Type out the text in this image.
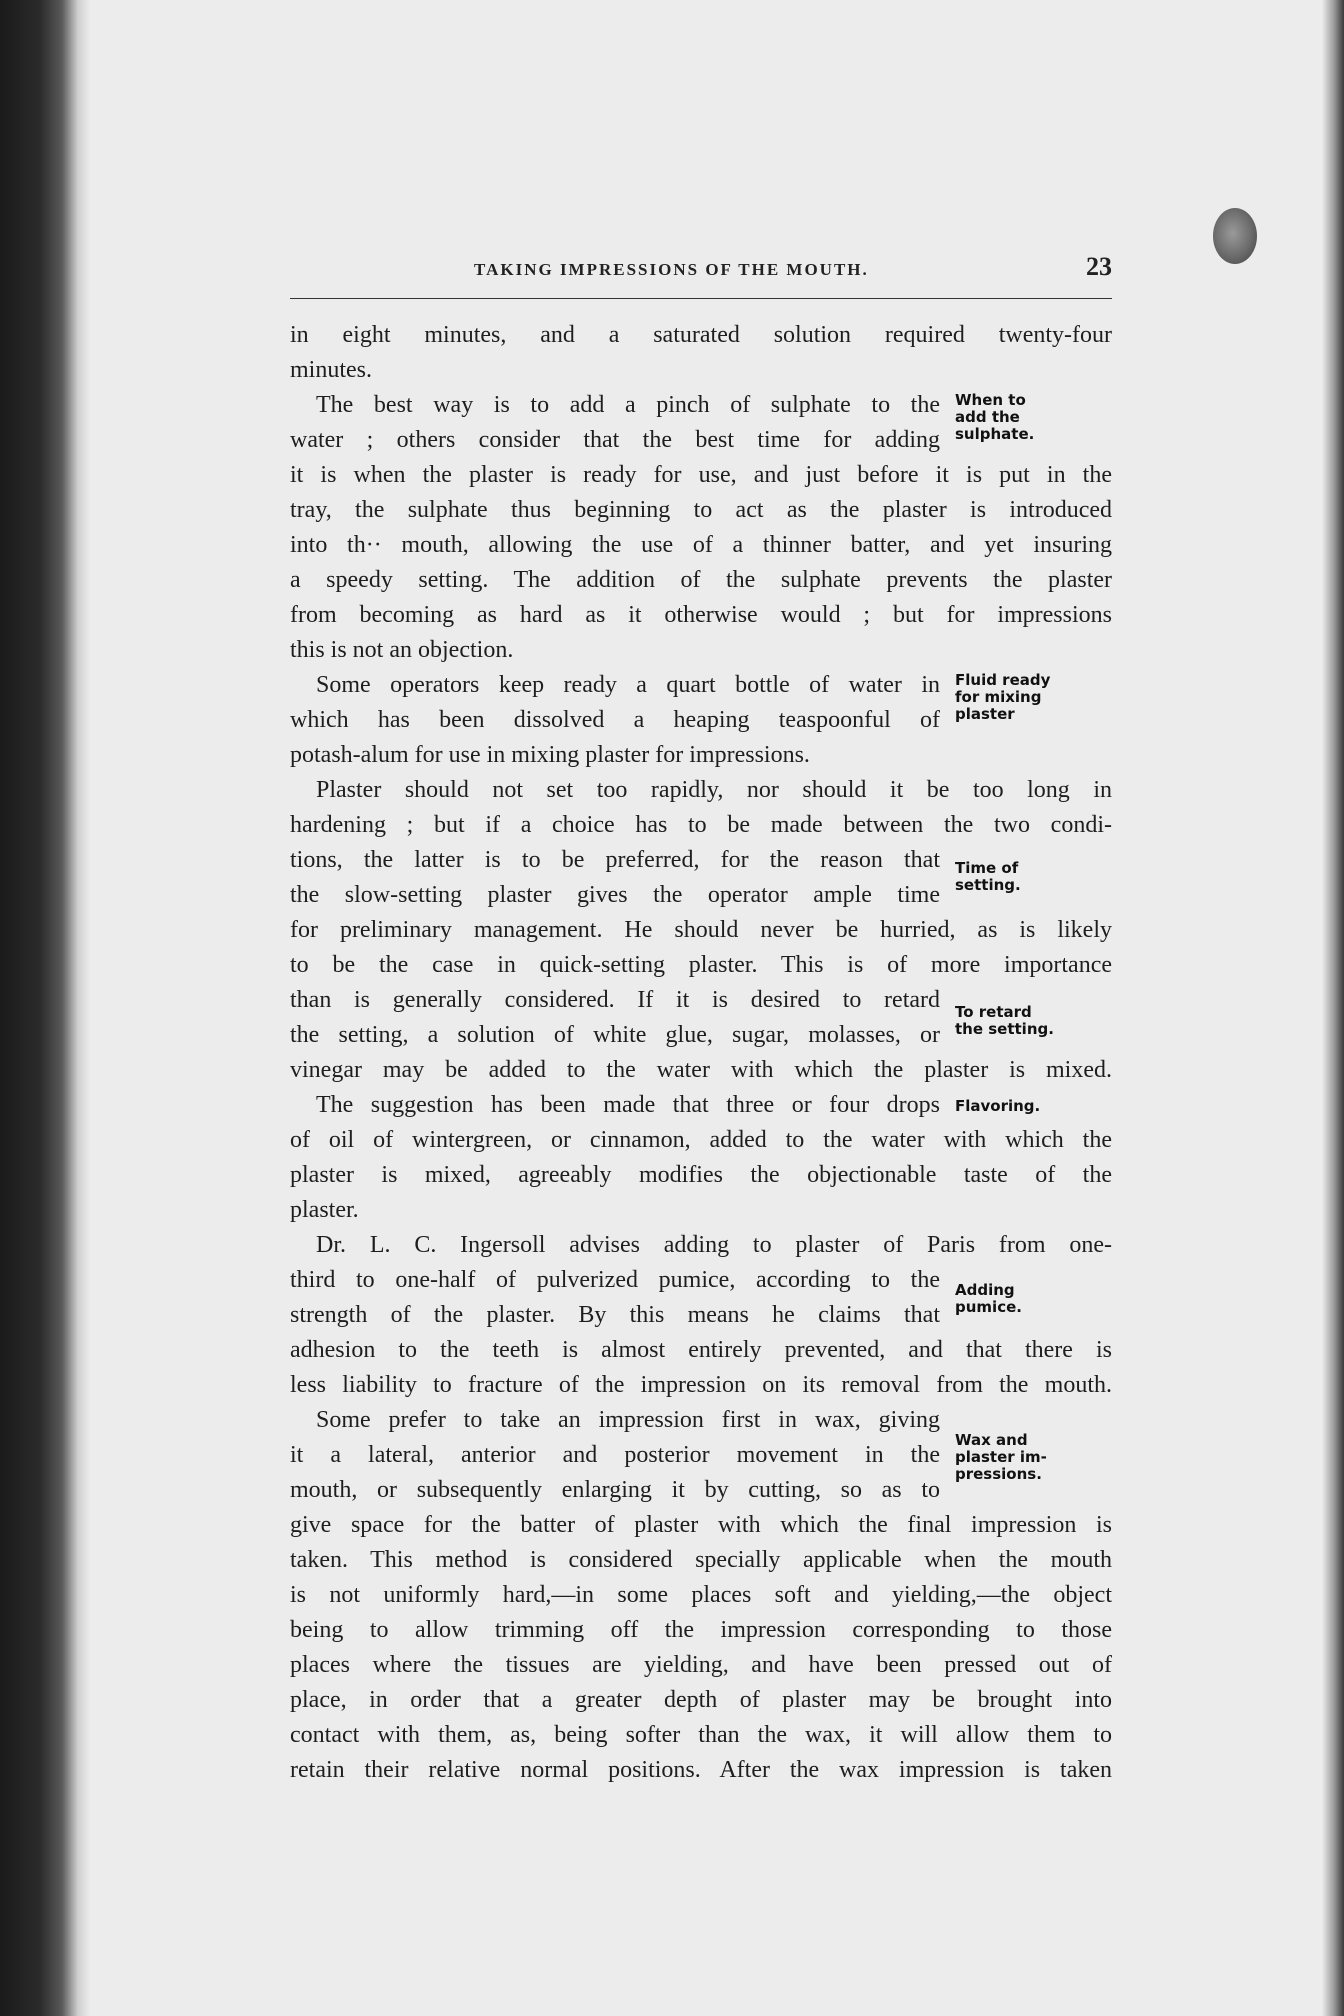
TAKING IMPRESSIONS OF THE MOUTH.	23
in eight minutes, and a saturated solution required twenty-four
minutes.
The best way is to add a pinch of sulphate to the
water ; others consider that the best time for adding
it is when the plaster is ready for use, and just before it is put in the
tray, the sulphate thus beginning to act as the plaster is introduced
into th·· mouth, allowing the use of a thinner batter, and yet insuring
a speedy setting. The addition of the sulphate prevents the plaster
from becoming as hard as it otherwise would ; but for impressions
this is not an objection.
Some operators keep ready a quart bottle of water in
which has been dissolved a heaping teaspoonful of
potash-alum for use in mixing plaster for impressions.
Plaster should not set too rapidly, nor should it be too long in
hardening ; but if a choice has to be made between the two condi-
tions, the latter is to be preferred, for the reason that
the slow-setting plaster gives the operator ample time
for preliminary management. He should never be hurried, as is likely
to be the case in quick-setting plaster. This is of more importance
than is generally considered. If it is desired to retard
the setting, a solution of white glue, sugar, molasses, or
vinegar may be added to the water with which the plaster is mixed.
The suggestion has been made that three or four drops
of oil of wintergreen, or cinnamon, added to the water with which the
plaster is mixed, agreeably modifies the objectionable taste of the
plaster.
Dr. L. C. Ingersoll advises adding to plaster of Paris from one-
third to one-half of pulverized pumice, according to the
strength of the plaster. By this means he claims that
adhesion to the teeth is almost entirely prevented, and that there is
less liability to fracture of the impression on its removal from the mouth.
Some prefer to take an impression first in wax, giving
it a lateral, anterior and posterior movement in the
mouth, or subsequently enlarging it by cutting, so as to
give space for the batter of plaster with which the final impression is
taken. This method is considered specially applicable when the mouth
is not uniformly hard,—in some places soft and yielding,—the object
being to allow trimming off the impression corresponding to those
places where the tissues are yielding, and have been pressed out of
place, in order that a greater depth of plaster may be brought into
contact with them, as, being softer than the wax, it will allow them to
retain their relative normal positions. After the wax impression is taken
When to
add the
sulphate.
Fluid ready
for mixing
plaster
Time of
setting.
To retard
the setting.
Flavoring.
Adding
pumice.
Wax and
plaster im-
pressions.
